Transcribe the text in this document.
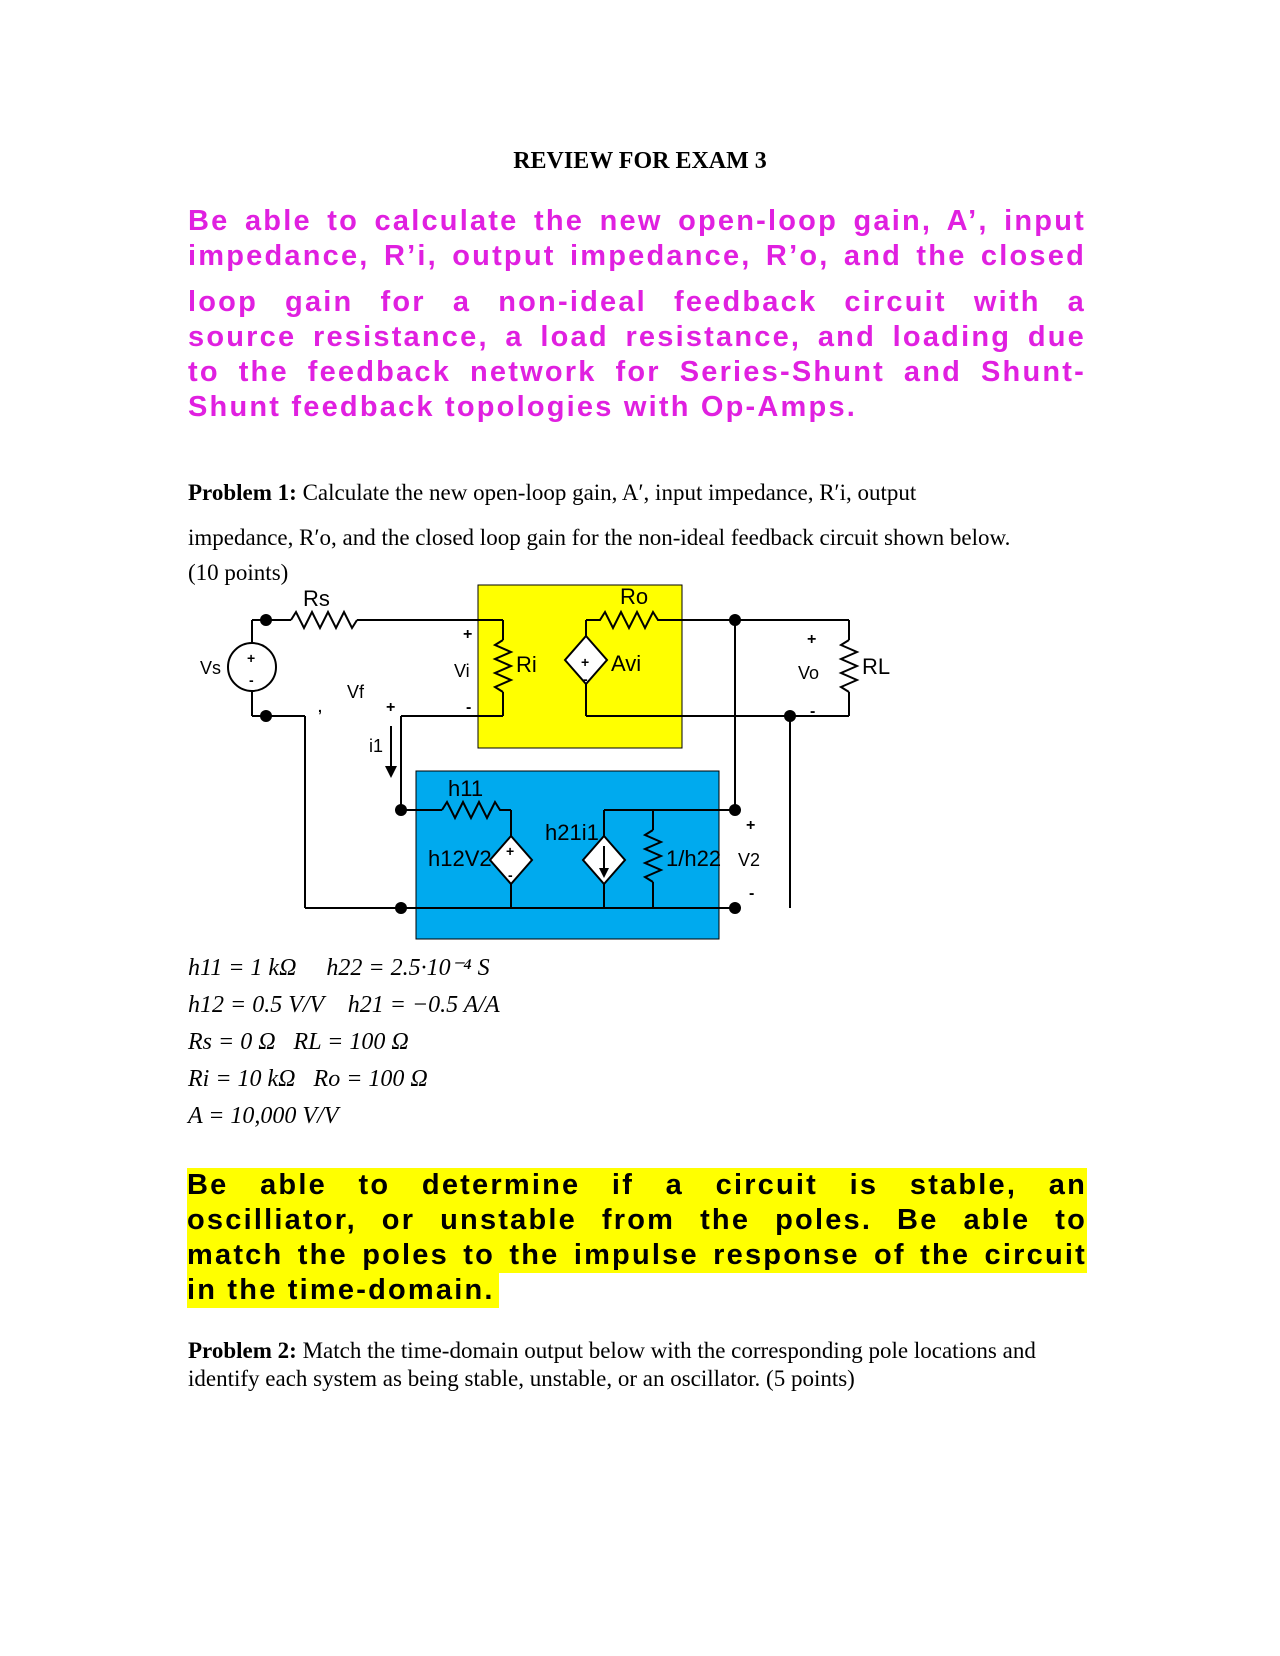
REVIEW FOR EXAM 3
Be able to calculate the new open-loop gain, A’, input
impedance, R’i, output impedance, R’o, and the closed
loop gain for a non-ideal feedback circuit with a
source resistance, a load resistance, and loading due
to the feedback network for Series-Shunt and Shunt-
Shunt feedback topologies with Op-Amps.
Problem 1: Calculate the new open-loop gain, A′, input impedance, R′i, output
impedance, R′o, and the closed loop gain for the non-ideal feedback circuit shown below.
(10 points)
Rs
Vs +
-
Vf
,	+
i1
+
Vi
-
Ri
Ro
+
-
Avi
+
Vo
-
RL
h11
h12V2 +
-
h21i1
1/h22
+
V2
-
h11 = 1 kΩ     h22 = 2.5·10⁻⁴ S
h12 = 0.5 V/V    h21 = −0.5 A/A
Rs = 0 Ω   RL = 100 Ω
Ri = 10 kΩ   Ro = 100 Ω
A = 10,000 V/V
Be able to determine if a circuit is stable, an
oscilliator, or unstable from the poles. Be able to
match the poles to the impulse response of the circuit
in the time-domain.
Problem 2: Match the time-domain output below with the corresponding pole locations and identify each system as being stable, unstable, or an oscillator. (5 points)
